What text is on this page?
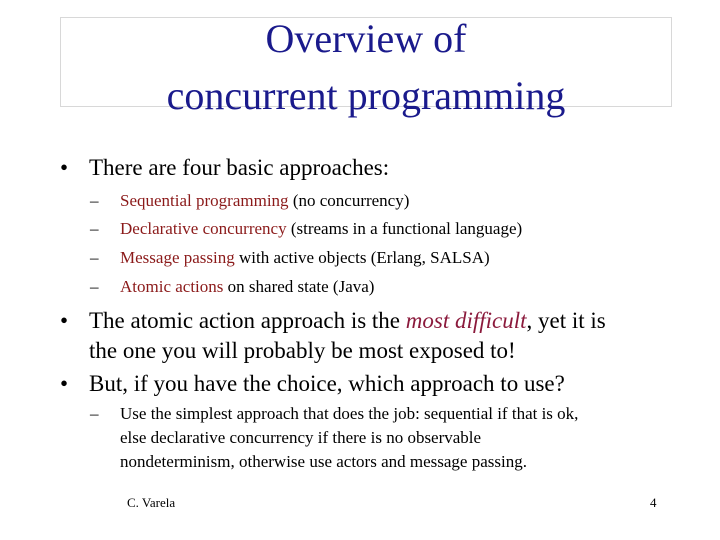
Overview of
concurrent programming
• There are four basic approaches:
– Sequential programming (no concurrency)
– Declarative concurrency (streams in a functional language)
– Message passing with active objects (Erlang, SALSA)
– Atomic actions on shared state (Java)
• The atomic action approach is the most difficult, yet it is
the one you will probably be most exposed to!
• But, if you have the choice, which approach to use?
– Use the simplest approach that does the job: sequential if that is ok,
else declarative concurrency if there is no observable
nondeterminism, otherwise use actors and message passing.
C. Varela	4
